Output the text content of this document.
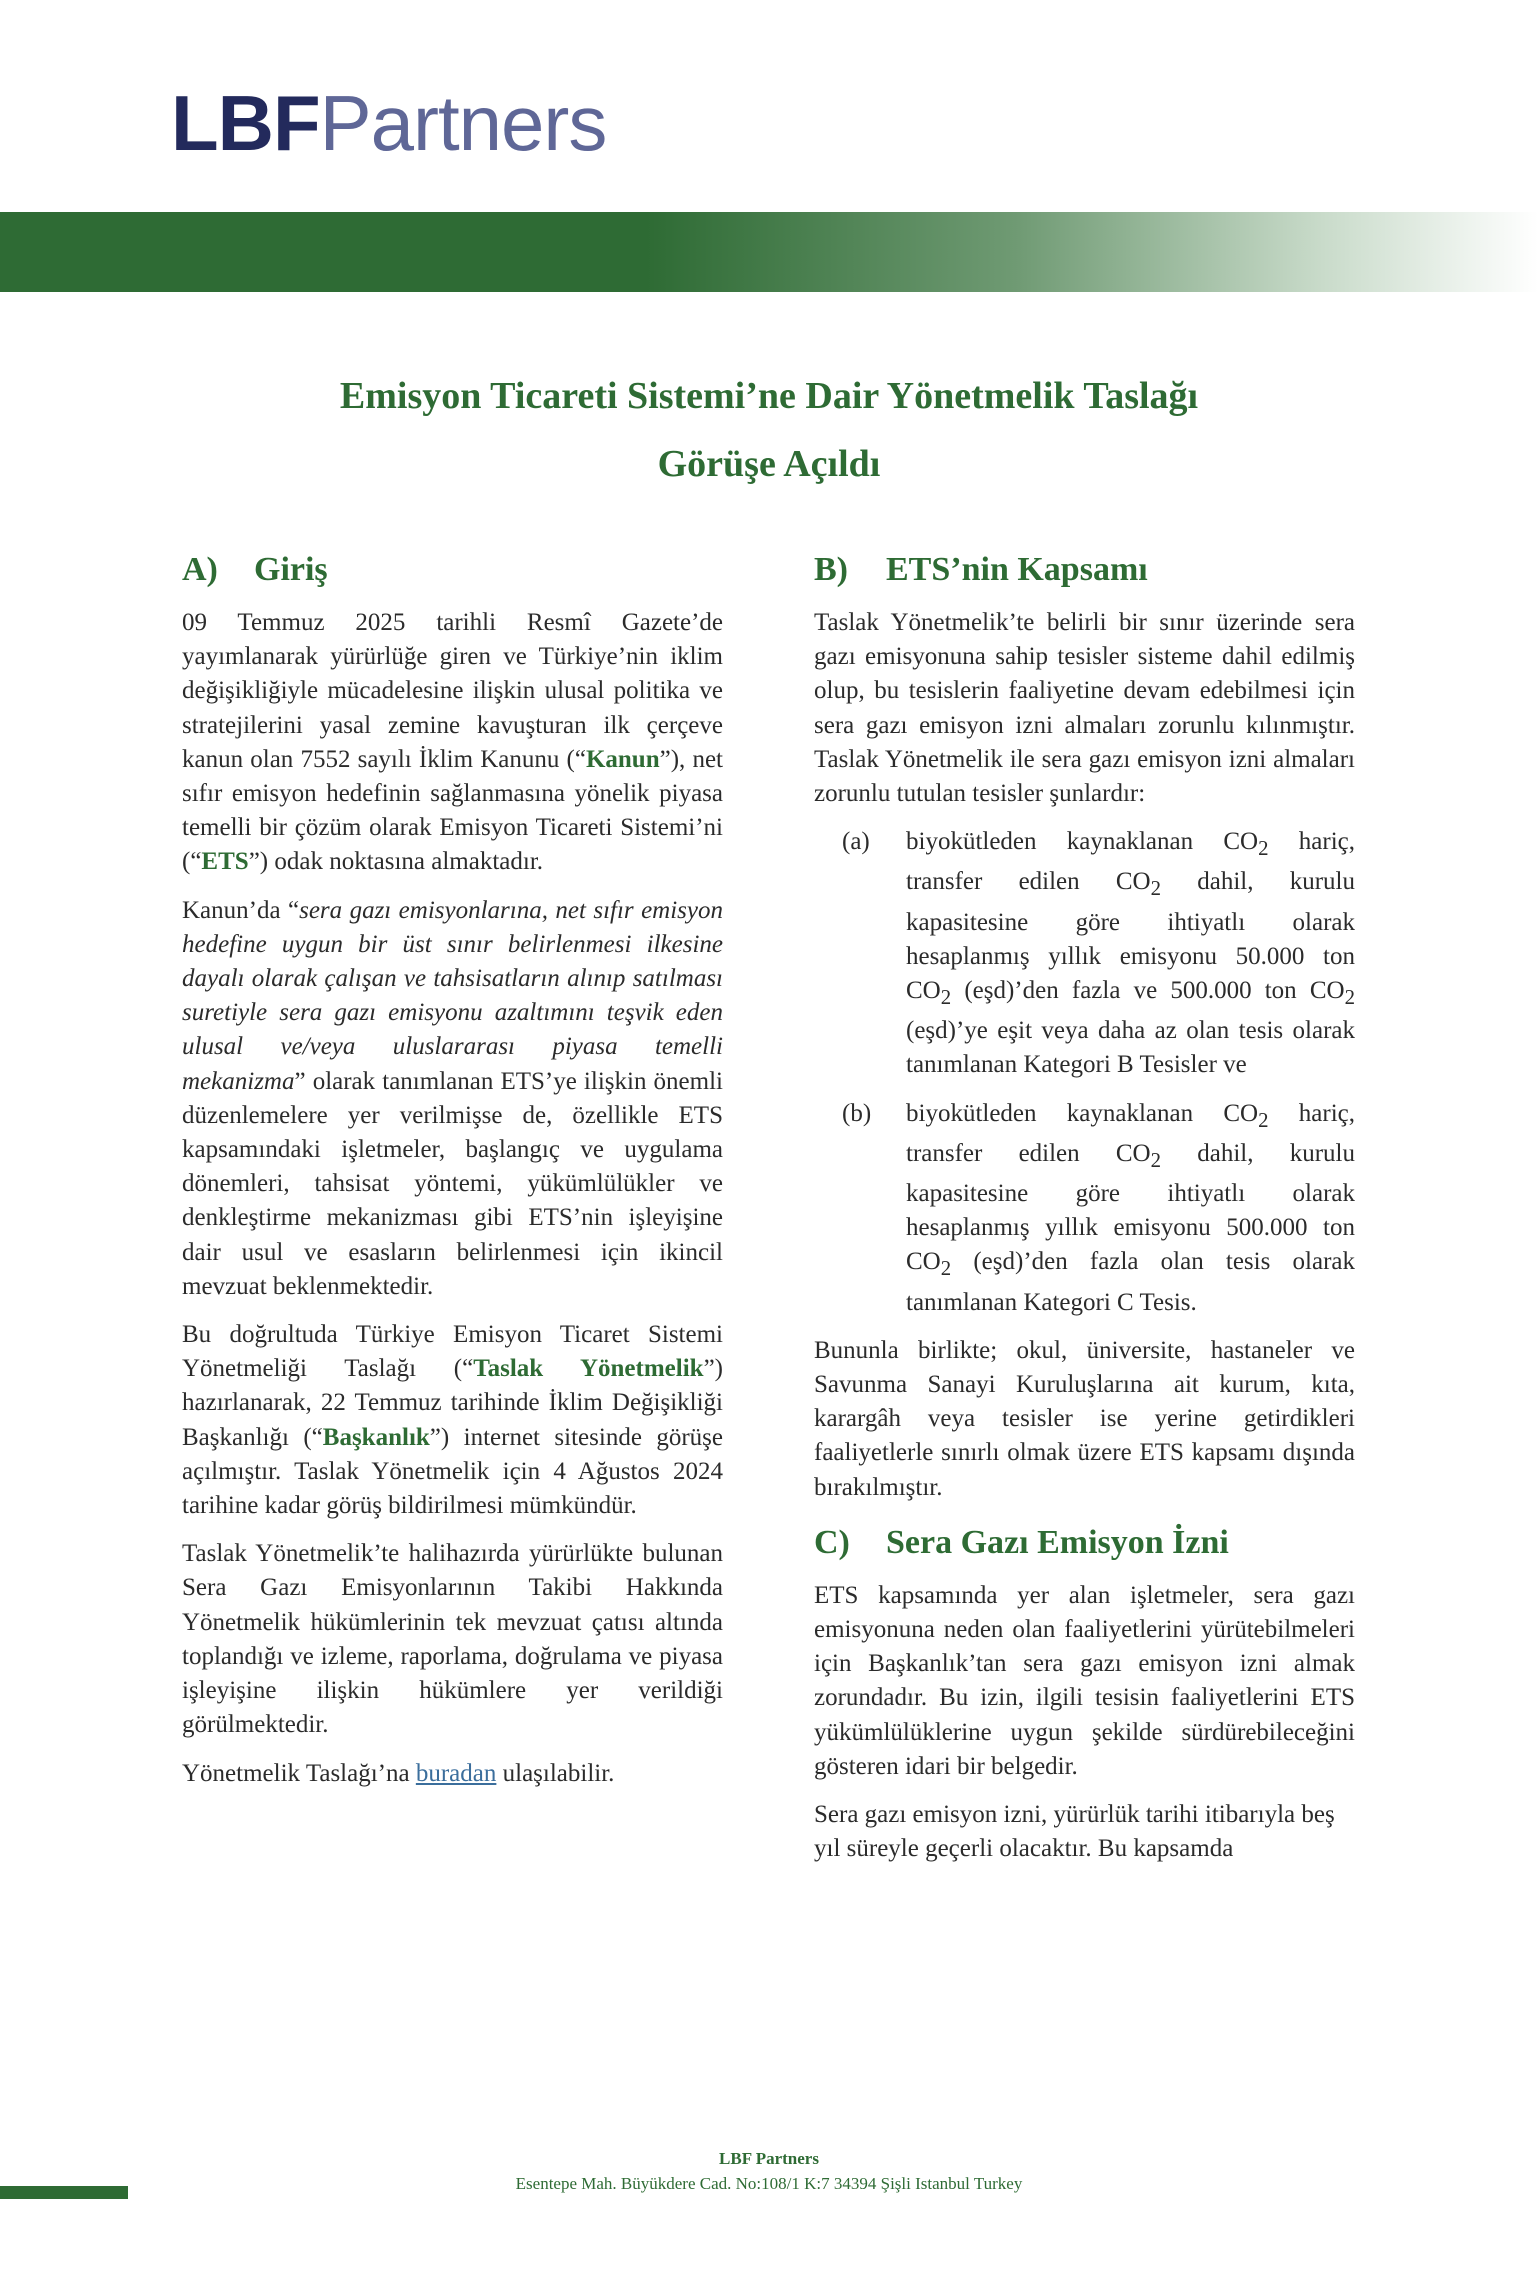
LBFPartners
Emisyon Ticareti Sistemi’ne Dair Yönetmelik Taslağı
Görüşe Açıldı
A) Giriş
09 Temmuz 2025 tarihli Resmî Gazete’de yayımlanarak yürürlüğe giren ve Türkiye’nin iklim değişikliğiyle mücadelesine ilişkin ulusal politika ve stratejilerini yasal zemine kavuşturan ilk çerçeve kanun olan 7552 sayılı İklim Kanunu (“Kanun”), net sıfır emisyon hedefinin sağlanmasına yönelik piyasa temelli bir çözüm olarak Emisyon Ticareti Sistemi’ni (“ETS”) odak noktasına almaktadır.
Kanun’da “sera gazı emisyonlarına, net sıfır emisyon hedefine uygun bir üst sınır belirlenmesi ilkesine dayalı olarak çalışan ve tahsisatların alınıp satılması suretiyle sera gazı emisyonu azaltımını teşvik eden ulusal ve/veya uluslararası piyasa temelli mekanizma” olarak tanımlanan ETS’ye ilişkin önemli düzenlemelere yer verilmişse de, özellikle ETS kapsamındaki işletmeler, başlangıç ve uygulama dönemleri, tahsisat yöntemi, yükümlülükler ve denkleştirme mekanizması gibi ETS’nin işleyişine dair usul ve esasların belirlenmesi için ikincil mevzuat beklenmektedir.
Bu doğrultuda Türkiye Emisyon Ticaret Sistemi Yönetmeliği Taslağı (“Taslak Yönetmelik”) hazırlanarak, 22 Temmuz tarihinde İklim Değişikliği Başkanlığı (“Başkanlık”) internet sitesinde görüşe açılmıştır. Taslak Yönetmelik için 4 Ağustos 2024 tarihine kadar görüş bildirilmesi mümkündür.
Taslak Yönetmelik’te halihazırda yürürlükte bulunan Sera Gazı Emisyonlarının Takibi Hakkında Yönetmelik hükümlerinin tek mevzuat çatısı altında toplandığı ve izleme, raporlama, doğrulama ve piyasa işleyişine ilişkin hükümlere yer verildiği görülmektedir.
Yönetmelik Taslağı’na buradan ulaşılabilir.
B) ETS’nin Kapsamı
Taslak Yönetmelik’te belirli bir sınır üzerinde sera gazı emisyonuna sahip tesisler sisteme dahil edilmiş olup, bu tesislerin faaliyetine devam edebilmesi için sera gazı emisyon izni almaları zorunlu kılınmıştır. Taslak Yönetmelik ile sera gazı emisyon izni almaları zorunlu tutulan tesisler şunlardır:
(a)	biyokütleden kaynaklanan $CO_2$ hariç, transfer edilen $CO_2$ dahil, kurulu kapasitesine göre ihtiyatlı olarak hesaplanmış yıllık emisyonu 50.000 ton $CO_2$ (eşd)’den fazla ve 500.000 ton $CO_2$ (eşd)’ye eşit veya daha az olan tesis olarak tanımlanan Kategori B Tesisler ve
(b)	biyokütleden kaynaklanan $CO_2$ hariç, transfer edilen $CO_2$ dahil, kurulu kapasitesine göre ihtiyatlı olarak hesaplanmış yıllık emisyonu 500.000 ton $CO_2$ (eşd)’den fazla olan tesis olarak tanımlanan Kategori C Tesis.
Bununla birlikte; okul, üniversite, hastaneler ve Savunma Sanayi Kuruluşlarına ait kurum, kıta, karargâh veya tesisler ise yerine getirdikleri faaliyetlerle sınırlı olmak üzere ETS kapsamı dışında bırakılmıştır.
C) Sera Gazı Emisyon İzni
ETS kapsamında yer alan işletmeler, sera gazı emisyonuna neden olan faaliyetlerini yürütebilmeleri için Başkanlık’tan sera gazı emisyon izni almak zorundadır. Bu izin, ilgili tesisin faaliyetlerini ETS yükümlülüklerine uygun şekilde sürdürebileceğini gösteren idari bir belgedir.
Sera gazı emisyon izni, yürürlük tarihi itibarıyla beş yıl süreyle geçerli olacaktır. Bu kapsamda
LBF Partners
Esentepe Mah. Büyükdere Cad. No:108/1 K:7 34394 Şişli Istanbul Turkey
